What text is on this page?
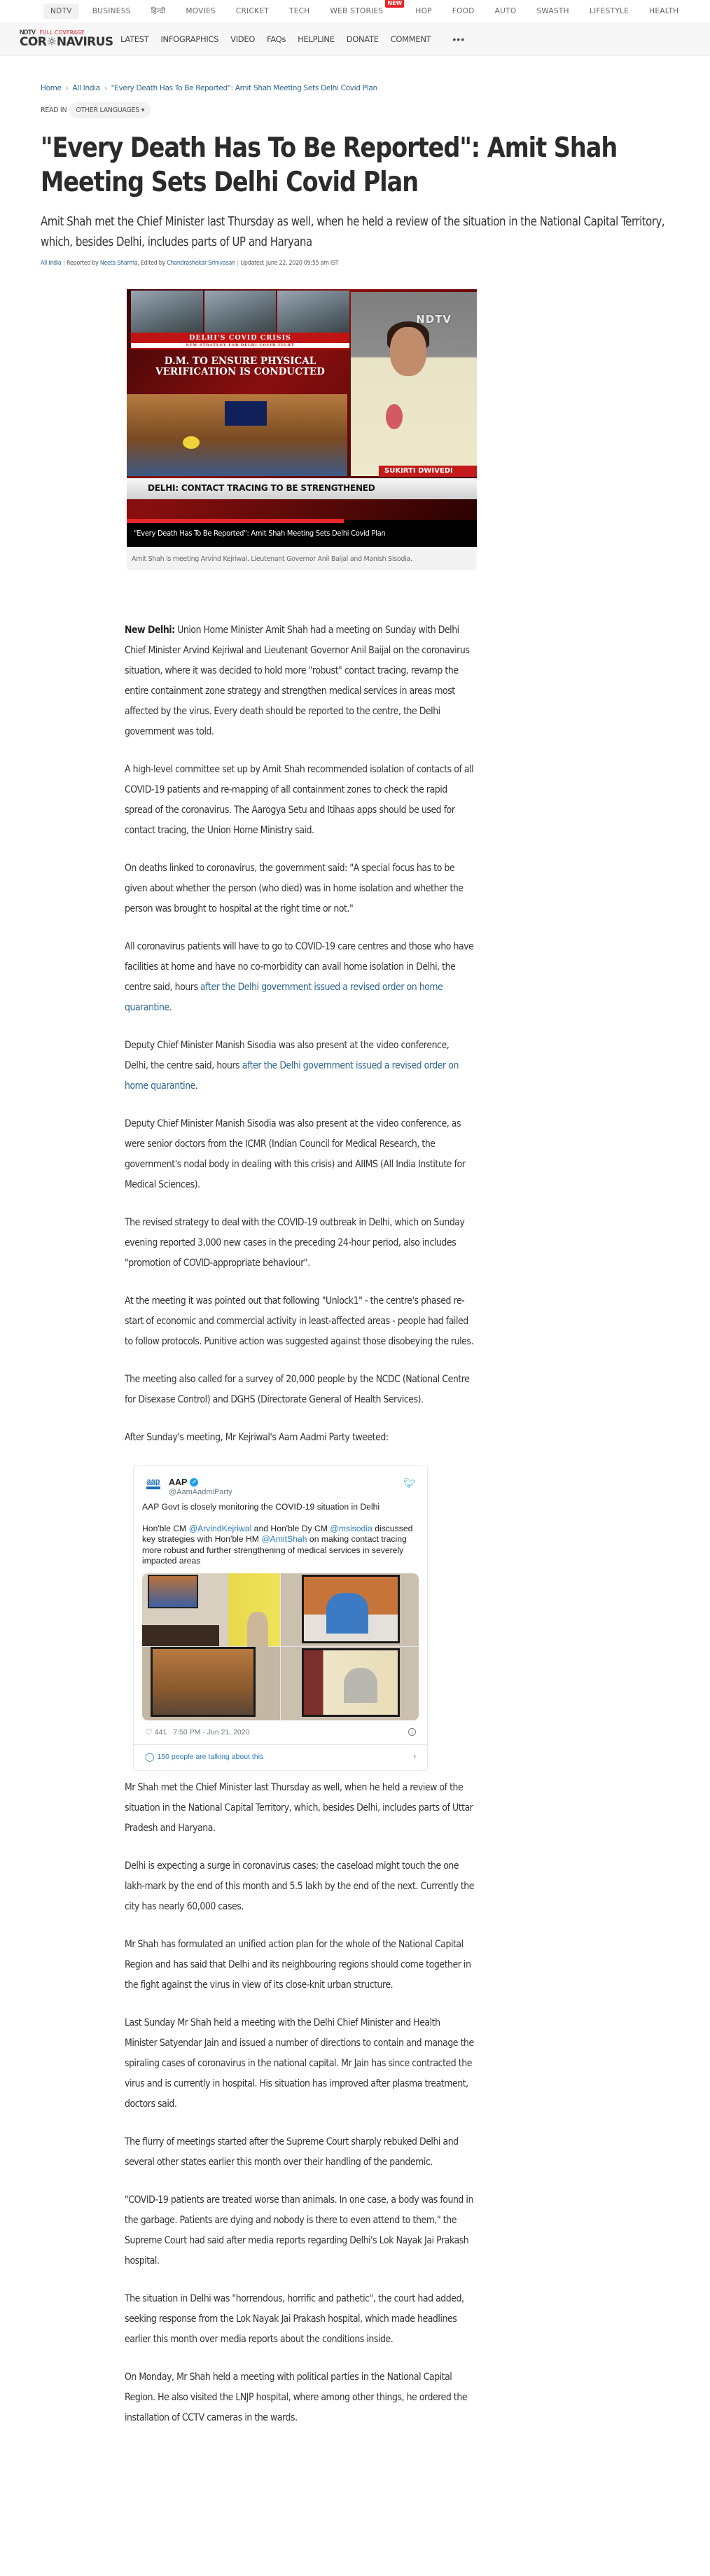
NDTV	BUSINESS	हिन्दी	MOVIES	CRICKET	TECH	WEB STORIES
NEW
HOP	FOOD	AUTO	SWASTH	LIFESTYLE	HEALTH
NDTV FULL COVERAGE
COR☼NAVIRUS LATEST INFOGRAPHICS VIDEO FAQs HELPLINE DONATE COMMENT •••
Home › All India › "Every Death Has To Be Reported": Amit Shah Meeting Sets Delhi Covid Plan
READ IN	OTHER LANGUAGES ▾
"Every Death Has To Be Reported": Amit Shah Meeting Sets Delhi Covid Plan
Amit Shah met the Chief Minister last Thursday as well, when he held a review of the situation in the National Capital Territory, which, besides Delhi, includes parts of UP and Haryana
All India | Reported by Neeta Sharma, Edited by Chandrashekar Srinivasan | Updated: June 22, 2020 09:55 am IST
DELHI'S COVID CRISIS
NEW STRATEGY FOR DELHI COVID FIGHT
D.M. TO ENSURE PHYSICAL VERIFICATION IS CONDUCTED
NDTV
SUKIRTI DWIVEDI
DELHI: CONTACT TRACING TO BE STRENGTHENED
"Every Death Has To Be Reported": Amit Shah Meeting Sets Delhi Covid Plan
Amit Shah is meeting Arvind Kejriwal, Lieutenant Governor Anil Baijal and Manish Sisodia.

New Delhi: Union Home Minister Amit Shah had a meeting on Sunday with Delhi Chief Minister Arvind Kejriwal and Lieutenant Governor Anil Baijal on the coronavirus situation, where it was decided to hold more "robust" contact tracing, revamp the entire containment zone strategy and strengthen medical services in areas most affected by the virus. Every death should be reported to the centre, the Delhi government was told.

A high-level committee set up by Amit Shah recommended isolation of contacts of all COVID-19 patients and re-mapping of all containment zones to check the rapid spread of the coronavirus. The Aarogya Setu and Itihaas apps should be used for contact tracing, the Union Home Ministry said.

On deaths linked to coronavirus, the government said: "A special focus has to be given about whether the person (who died) was in home isolation and whether the person was brought to hospital at the right time or not."

All coronavirus patients will have to go to COVID-19 care centres and those who have facilities at home and have no co-morbidity can avail home isolation in Delhi, the centre said, hours after the Delhi government issued a revised order on home quarantine.

Deputy Chief Minister Manish Sisodia was also present at the video conference, Delhi, the centre said, hours after the Delhi government issued a revised order on home quarantine.

Deputy Chief Minister Manish Sisodia was also present at the video conference, as were senior doctors from the ICMR (Indian Council for Medical Research, the government's nodal body in dealing with this crisis) and AIIMS (All India Institute for Medical Sciences).

The revised strategy to deal with the COVID-19 outbreak in Delhi, which on Sunday evening reported 3,000 new cases in the preceding 24-hour period, also includes "promotion of COVID-appropriate behaviour".

At the meeting it was pointed out that following "Unlock1" - the centre's phased re-start of economic and commercial activity in least-affected areas - people had failed to follow protocols. Punitive action was suggested against those disobeying the rules.

The meeting also called for a survey of 20,000 people by the NCDC (National Centre for Disexase Control) and DGHS (Directorate General of Health Services).

After Sunday's meeting, Mr Kejriwal's Aam Aadmi Party tweeted:

aap AAP ✓
@AamAadmiParty
🐦︎
AAP Govt is closely monitoring the COVID-19 situation in Delhi
Hon'ble CM @ArvindKejriwal and Hon'ble Dy CM @msisodia discussed key strategies with Hon'ble HM @AmitShah on making contact tracing more robust and further strengthening of medical services in severely impacted areas
♡ 441 7:50 PM - Jun 21, 2020	i
◯ 150 people are talking about this	›

Mr Shah met the Chief Minister last Thursday as well, when he held a review of the situation in the National Capital Territory, which, besides Delhi, includes parts of Uttar Pradesh and Haryana.

Delhi is expecting a surge in coronavirus cases; the caseload might touch the one lakh-mark by the end of this month and 5.5 lakh by the end of the next. Currently the city has nearly 60,000 cases.

Mr Shah has formulated an unified action plan for the whole of the National Capital Region and has said that Delhi and its neighbouring regions should come together in the fight against the virus in view of its close-knit urban structure.

Last Sunday Mr Shah held a meeting with the Delhi Chief Minister and Health Minister Satyendar Jain and issued a number of directions to contain and manage the spiraling cases of coronavirus in the national capital. Mr Jain has since contracted the virus and is currently in hospital. His situation has improved after plasma treatment, doctors said.

The flurry of meetings started after the Supreme Court sharply rebuked Delhi and several other states earlier this month over their handling of the pandemic.

"COVID-19 patients are treated worse than animals. In one case, a body was found in the garbage. Patients are dying and nobody is there to even attend to them," the Supreme Court had said after media reports regarding Delhi's Lok Nayak Jai Prakash hospital.

The situation in Delhi was "horrendous, horrific and pathetic", the court had added, seeking response from the Lok Nayak Jai Prakash hospital, which made headlines earlier this month over media reports about the conditions inside.

On Monday, Mr Shah held a meeting with political parties in the National Capital Region. He also visited the LNJP hospital, where among other things, he ordered the installation of CCTV cameras in the wards.
